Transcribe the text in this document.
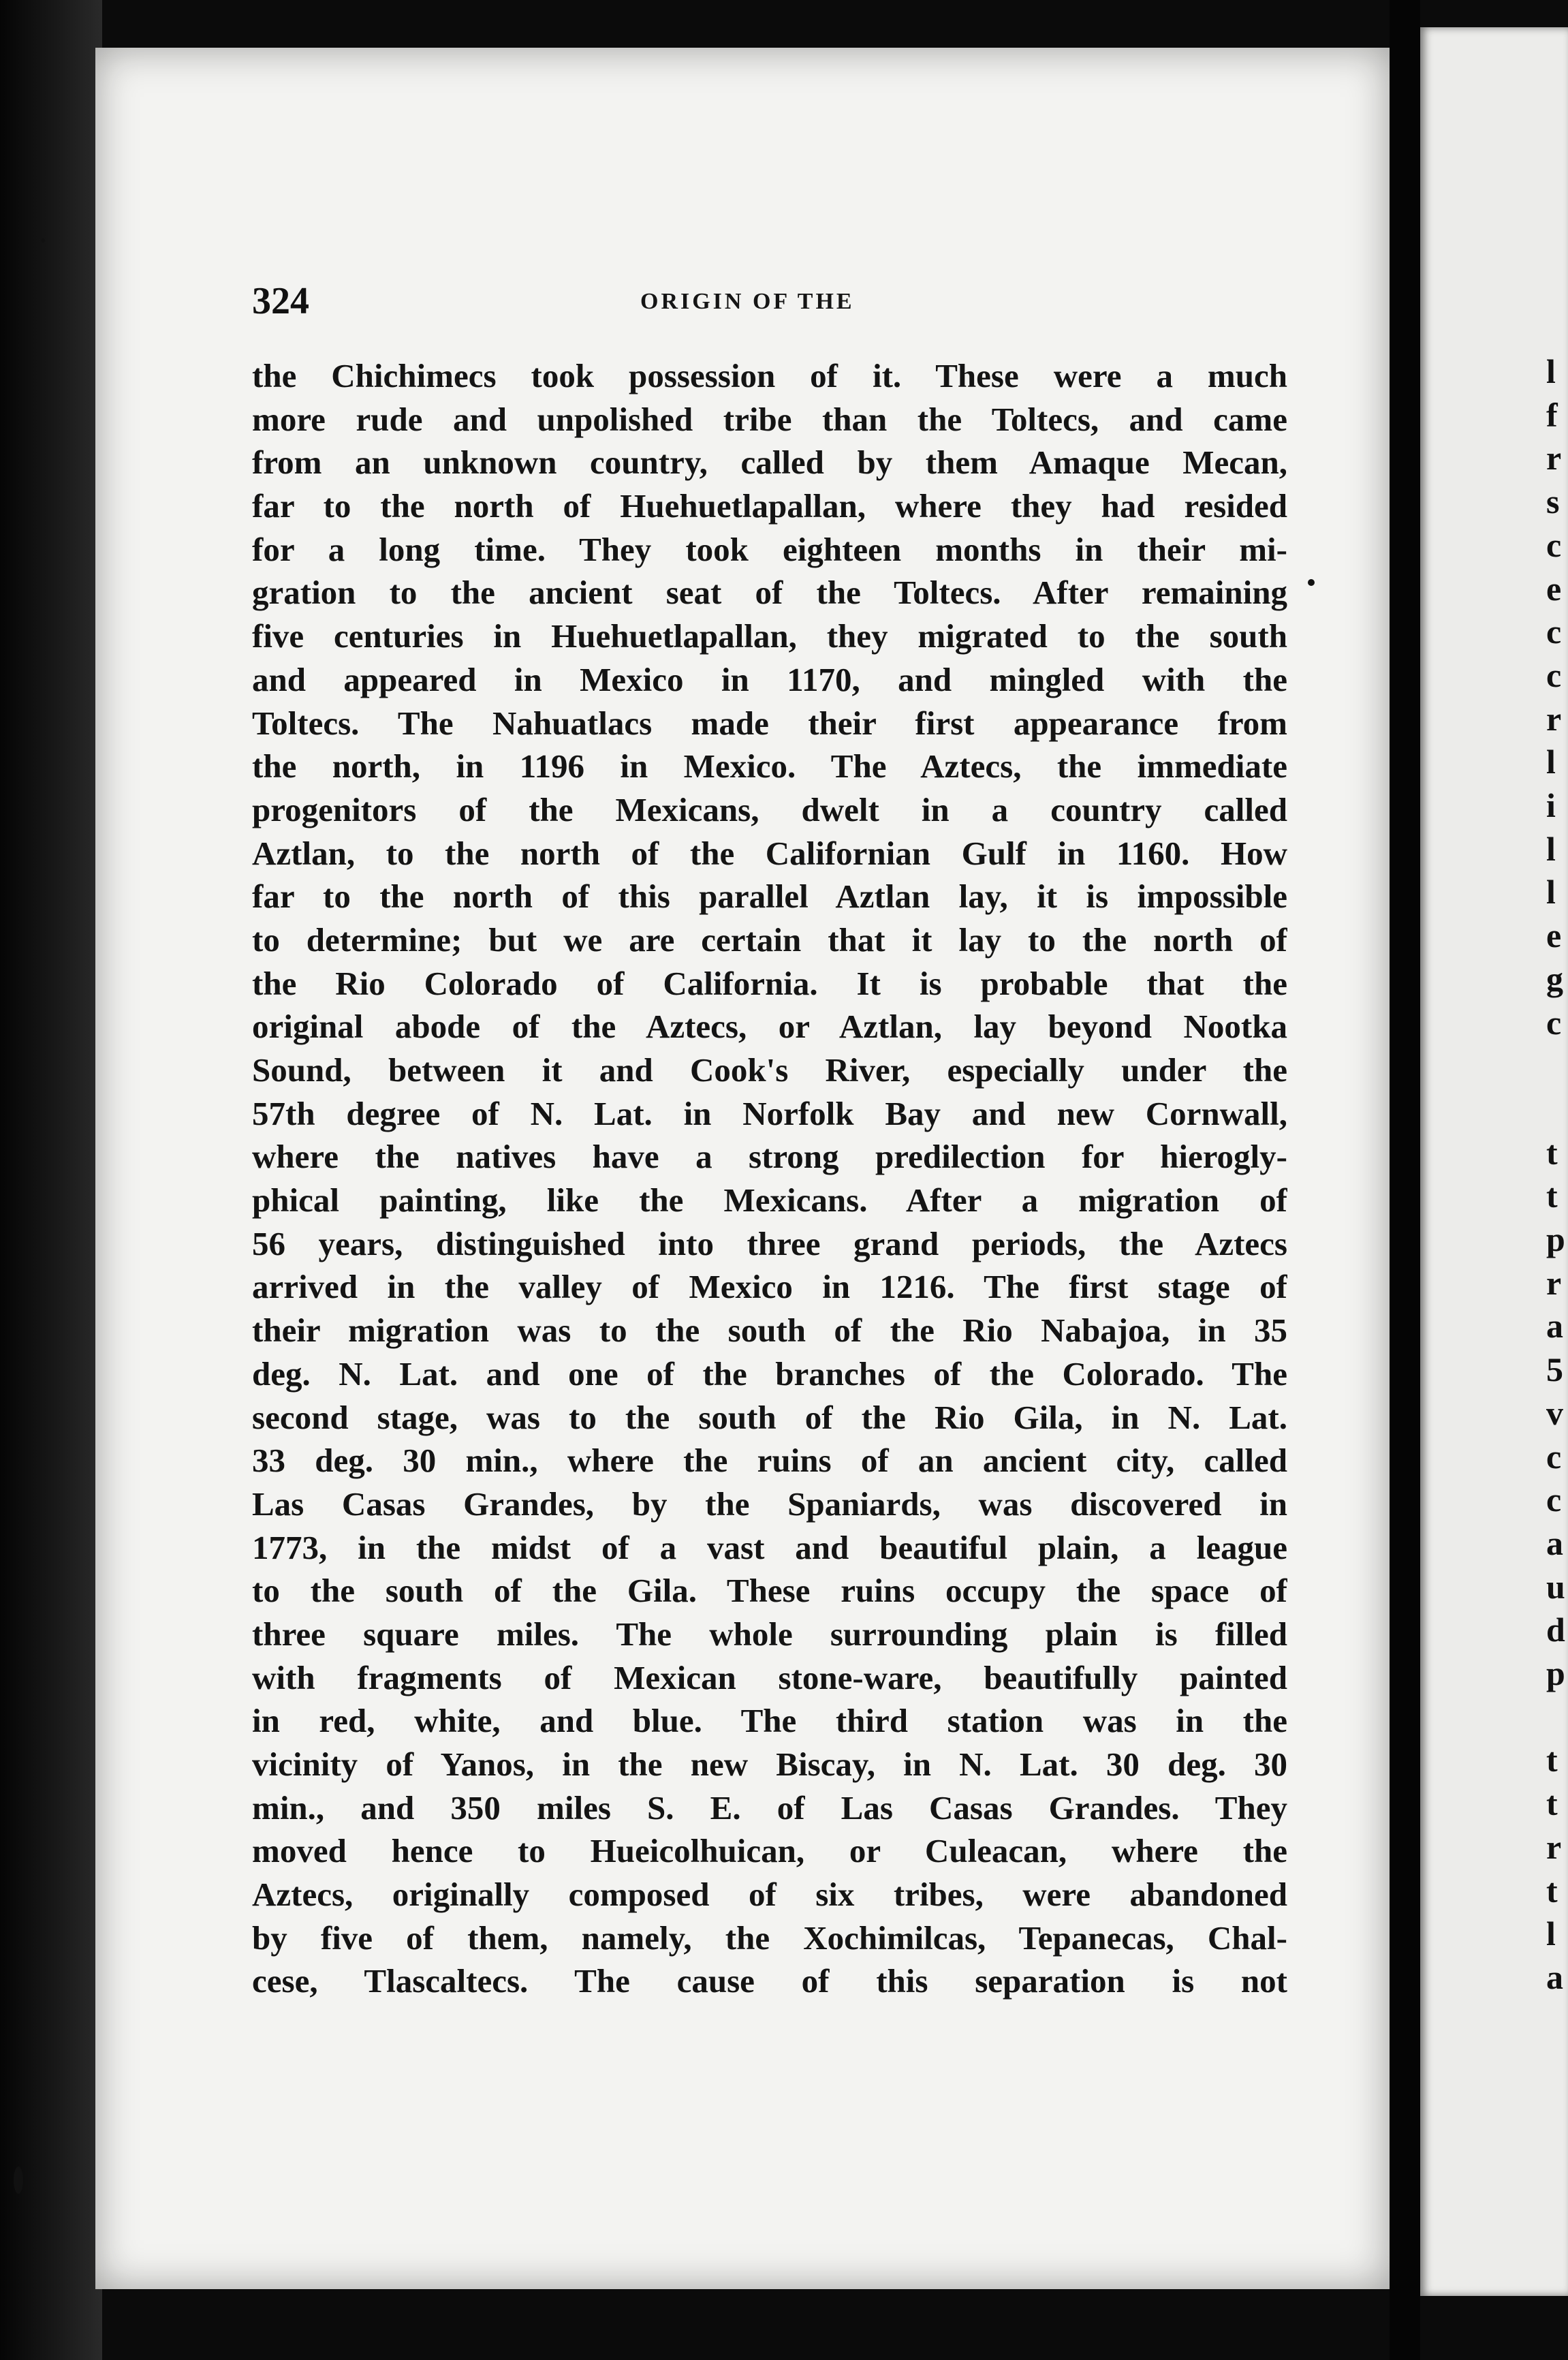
l
f
r
s
c
e
c
c
r
l
i
l
l
e
g
c
t
t
p
r
a
5
v
c
c
a
u
d
p
t
t
r
t
l
a
324	ORIGIN OF THE
the Chichimecs took possession of it. These were a much
more rude and unpolished tribe than the Toltecs, and came
from an unknown country, called by them Amaque Mecan,
far to the north of Huehuetlapallan, where they had resided
for a long time. They took eighteen months in their mi-
gration to the ancient seat of the Toltecs. After remaining
five centuries in Huehuetlapallan, they migrated to the south
and appeared in Mexico in 1170, and mingled with the
Toltecs. The Nahuatlacs made their first appearance from
the north, in 1196 in Mexico. The Aztecs, the immediate
progenitors of the Mexicans, dwelt in a country called
Aztlan, to the north of the Californian Gulf in 1160. How
far to the north of this parallel Aztlan lay, it is impossible
to determine; but we are certain that it lay to the north of
the Rio Colorado of California. It is probable that the
original abode of the Aztecs, or Aztlan, lay beyond Nootka
Sound, between it and Cook's River, especially under the
57th degree of N. Lat. in Norfolk Bay and new Cornwall,
where the natives have a strong predilection for hierogly-
phical painting, like the Mexicans. After a migration of
56 years, distinguished into three grand periods, the Aztecs
arrived in the valley of Mexico in 1216. The first stage of
their migration was to the south of the Rio Nabajoa, in 35
deg. N. Lat. and one of the branches of the Colorado. The
second stage, was to the south of the Rio Gila, in N. Lat.
33 deg. 30 min., where the ruins of an ancient city, called
Las Casas Grandes, by the Spaniards, was discovered in
1773, in the midst of a vast and beautiful plain, a league
to the south of the Gila. These ruins occupy the space of
three square miles. The whole surrounding plain is filled
with fragments of Mexican stone-ware, beautifully painted
in red, white, and blue. The third station was in the
vicinity of Yanos, in the new Biscay, in N. Lat. 30 deg. 30
min., and 350 miles S. E. of Las Casas Grandes. They
moved hence to Hueicolhuican, or Culeacan, where the
Aztecs, originally composed of six tribes, were abandoned
by five of them, namely, the Xochimilcas, Tepanecas, Chal-
cese, Tlascaltecs. The cause of this separation is not
